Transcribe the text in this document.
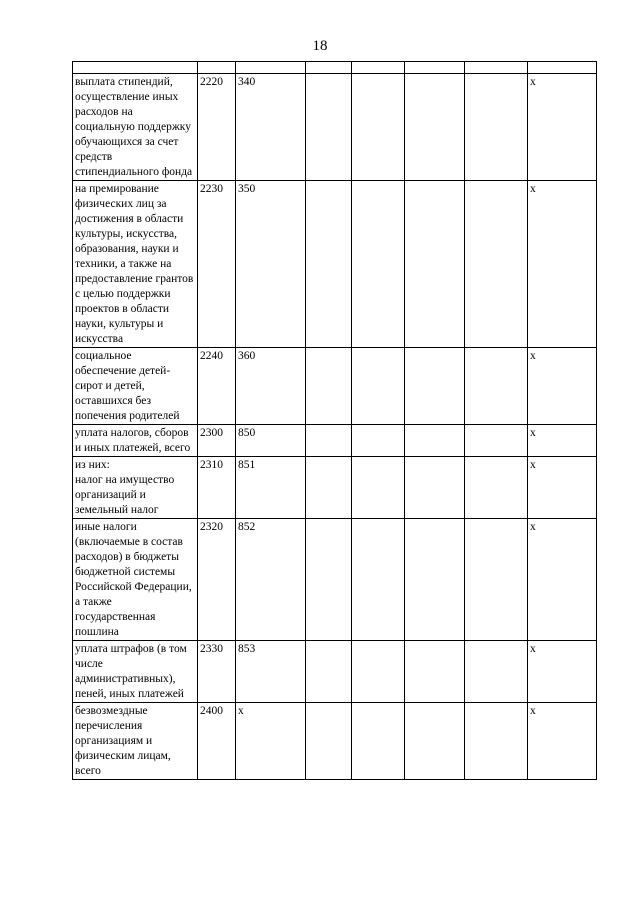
18

выплата стипендий, осуществление иных расходов на социальную поддержку обучающихся за счет средств стипендиального фонда	2220	340					x
на премирование физических лиц за достижения в области культуры, искусства, образования, науки и техники, а также на предоставление грантов с целью поддержки проектов в области науки, культуры и искусства	2230	350					x
социальное обеспечение детей-сирот и детей, оставшихся без попечения родителей	2240	360					x
уплата налогов, сборов и иных платежей, всего	2300	850					x
из них:
налог на имущество организаций и земельный налог	2310	851					x
иные налоги (включаемые в состав расходов) в бюджеты бюджетной системы Российской Федерации, а также государственная пошлина	2320	852					x
уплата штрафов (в том числе административных), пеней, иных платежей	2330	853					x
безвозмездные перечисления организациям и физическим лицам, всего	2400	x					x
